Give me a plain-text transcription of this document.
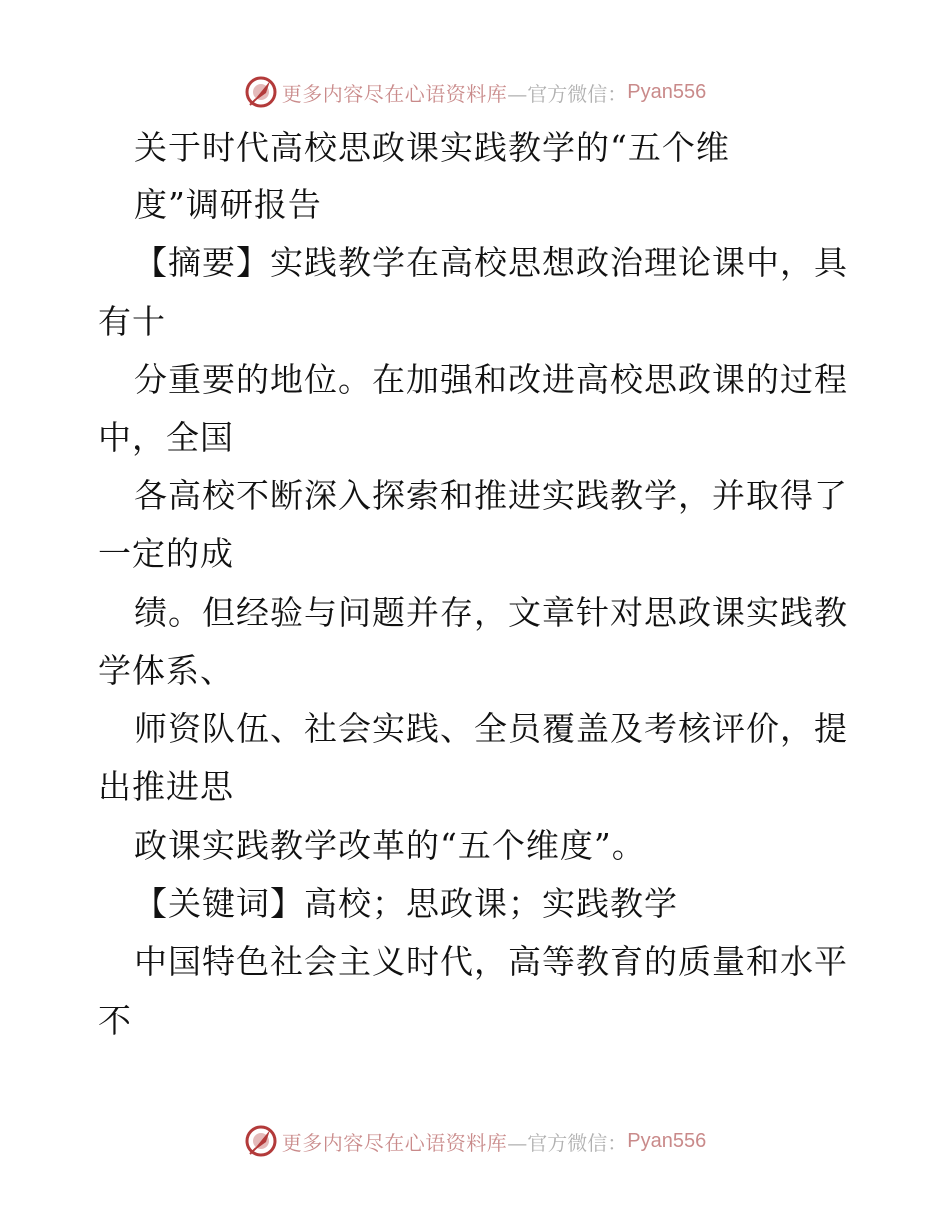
更多内容尽在心语资料库 —官方微信： Pyan556
关于时代高校思政课实践教学的“五个维
度”调研报告
【摘要】实践教学在高校思想政治理论课中，具
有十
分重要的地位。在加强和改进高校思政课的过程
中，全国
各高校不断深入探索和推进实践教学，并取得了
一定的成
绩。但经验与问题并存，文章针对思政课实践教
学体系、
师资队伍、社会实践、全员覆盖及考核评价，提
出推进思
政课实践教学改革的“五个维度”。
【关键词】高校；思政课；实践教学
中国特色社会主义时代，高等教育的质量和水平
不
更多内容尽在心语资料库 —官方微信： Pyan556
